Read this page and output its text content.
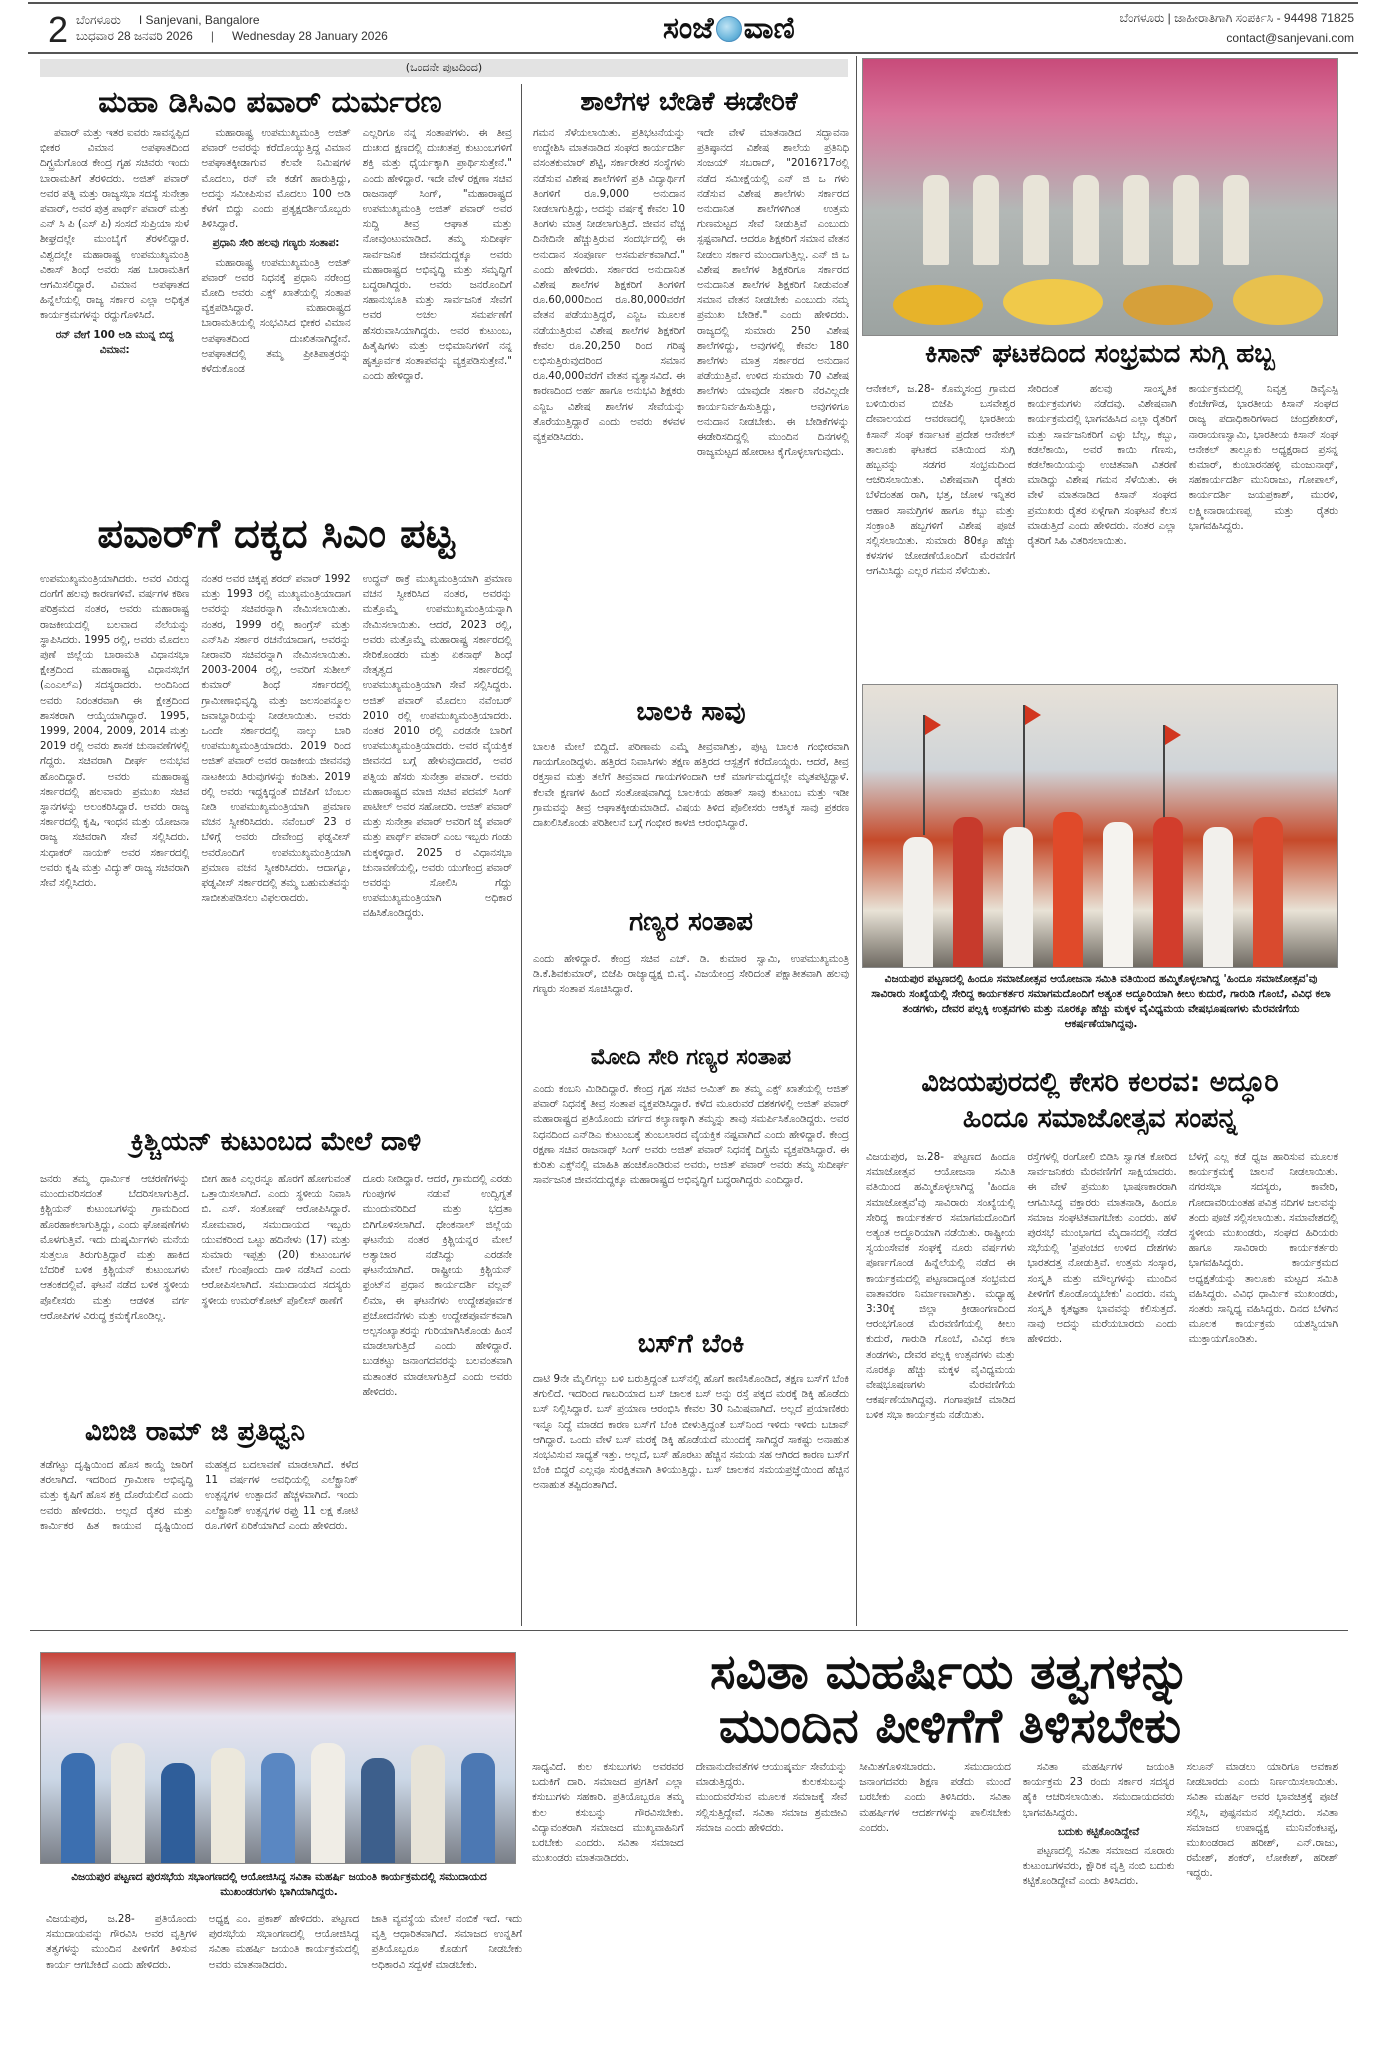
2 ಬೆಂಗಳೂರು I Sanjevani, Bangalore
ಬುಧವಾರ 28 ಜನವರಿ 2026 | Wednesday 28 January 2026	ಸಂಜೆ ವಾಣಿ	ಬೆಂಗಳೂರು | ಜಾಹೀರಾತಿಗಾಗಿ ಸಂಪರ್ಕಿಸಿ - 94498 71825
contact@sanjevani.com
(ಒಂದನೇ ಪುಟದಿಂದ)
ಮಹಾ ಡಿಸಿಎಂ ಪವಾರ್ ದುರ್ಮರಣ

ಪವಾರ್ ಮತ್ತು ಇತರ ಐವರು ಸಾವನ್ನಪ್ಪಿದ ಭೀಕರ ವಿಮಾನ ಅಪಘಾತದಿಂದ ದಿಗ್ಭ್ರಮೆಗೊಂಡ ಕೇಂದ್ರ ಗೃಹ ಸಚಿವರು ಇಂದು ಬಾರಾಮತಿಗೆ ತೆರಳಿದರು. ಅಜಿತ್ ಪವಾರ್ ಅವರ ಪತ್ನಿ ಮತ್ತು ರಾಜ್ಯಸಭಾ ಸದಸ್ಯೆ ಸುನೇತ್ರಾ ಪವಾರ್, ಅವರ ಪುತ್ರ ಪಾರ್ಥ್ ಪವಾರ್ ಮತ್ತು ಎನ್ ಸಿ ಪಿ (ಎಸ್ ಪಿ) ಸಂಸದೆ ಸುಪ್ರಿಯಾ ಸುಳೆ ಶೀಘ್ರದಲ್ಲೇ ಮುಂಬೈಗೆ ತೆರಳಲಿದ್ದಾರೆ. ವಿಶ್ವದಲ್ಲೇ ಮಹಾರಾಷ್ಟ್ರ ಉಪಮುಖ್ಯಮಂತ್ರಿ ವಿಕಾಸ್ ಶಿಂಧೆ ಅವರು ಸಹ ಬಾರಾಮತಿಗೆ ಆಗಮಿಸಲಿದ್ದಾರೆ. ವಿಮಾನ ಅಪಘಾತದ ಹಿನ್ನೆಲೆಯಲ್ಲಿ ರಾಜ್ಯ ಸರ್ಕಾರ ಎಲ್ಲಾ ಅಧಿಕೃತ ಕಾರ್ಯಕ್ರಮಗಳನ್ನು ರದ್ದುಗೊಳಿಸಿದೆ.

ರನ್ ವೇಗೆ 100 ಅಡಿ ಮುನ್ನ ಬಿದ್ದ ವಿಮಾನ:

ಮಹಾರಾಷ್ಟ್ರ ಉಪಮುಖ್ಯಮಂತ್ರಿ ಅಜಿತ್ ಪವಾರ್ ಅವರನ್ನು ಕರೆದೊಯ್ಯುತ್ತಿದ್ದ ವಿಮಾನ ಅಪಘಾತಕ್ಕೀಡಾಗುವ ಕೆಲವೇ ನಿಮಿಷಗಳ ಮೊದಲು, ರನ್ ವೇ ಕಡೆಗೆ ಹಾರುತ್ತಿದ್ದು, ಅದನ್ನು ಸಮೀಪಿಸುವ ಮೊದಲು 100 ಅಡಿ ಕೆಳಗೆ ಬಿದ್ದು ಎಂದು ಪ್ರತ್ಯಕ್ಷದರ್ಶಿಯೊಬ್ಬರು ತಿಳಿಸಿದ್ದಾರೆ.

ಪ್ರಧಾನಿ ಸೇರಿ ಹಲವು ಗಣ್ಯರು ಸಂತಾಪ:

ಮಹಾರಾಷ್ಟ್ರ ಉಪಮುಖ್ಯಮಂತ್ರಿ ಅಜಿತ್ ಪವಾರ್ ಅವರ ನಿಧನಕ್ಕೆ ಪ್ರಧಾನಿ ನರೇಂದ್ರ ಮೋದಿ ಅವರು ಎಕ್ಸ್ ಖಾತೆಯಲ್ಲಿ ಸಂತಾಪ ವ್ಯಕ್ತಪಡಿಸಿದ್ದಾರೆ. ಮಹಾರಾಷ್ಟ್ರದ ಬಾರಾಮತಿಯಲ್ಲಿ ಸಂಭವಿಸಿದ ಭೀಕರ ವಿಮಾನ ಅಪಘಾತದಿಂದ ದುಃಖಿತನಾಗಿದ್ದೇನೆ. ಅಪಘಾತದಲ್ಲಿ ತಮ್ಮ ಪ್ರೀತಿಪಾತ್ರರನ್ನು ಕಳೆದುಕೊಂಡ

ಎಲ್ಲರಿಗೂ ನನ್ನ ಸಂತಾಪಗಳು. ಈ ತೀವ್ರ ದುಃಖದ ಕ್ಷಣದಲ್ಲಿ ದುಃಖತಪ್ತ ಕುಟುಂಬಗಳಿಗೆ ಶಕ್ತಿ ಮತ್ತು ಧೈರ್ಯಕ್ಕಾಗಿ ಪ್ರಾರ್ಥಿಸುತ್ತೇನೆ." ಎಂದು ಹೇಳಿದ್ದಾರೆ. ಇದೇ ವೇಳೆ ರಕ್ಷಣಾ ಸಚಿವ ರಾಜನಾಥ್ ಸಿಂಗ್, "ಮಹಾರಾಷ್ಟ್ರದ ಉಪಮುಖ್ಯಮಂತ್ರಿ ಅಜಿತ್ ಪವಾರ್ ಅವರ ಸುದ್ದಿ ತೀವ್ರ ಆಘಾತ ಮತ್ತು ನೋವುಂಟುಮಾಡಿದೆ. ತಮ್ಮ ಸುದೀರ್ಘ ಸಾರ್ವಜನಿಕ ಜೀವನದುದ್ದಕ್ಕೂ ಅವರು ಮಹಾರಾಷ್ಟ್ರದ ಅಭಿವೃದ್ಧಿ ಮತ್ತು ಸಮೃದ್ಧಿಗೆ ಬದ್ಧರಾಗಿದ್ದರು. ಅವರು ಜನರೊಂದಿಗೆ ಸಹಾನುಭೂತಿ ಮತ್ತು ಸಾರ್ವಜನಿಕ ಸೇವೆಗೆ ಅವರ ಅಚಲ ಸಮರ್ಪಣೆಗೆ ಹೆಸರುವಾಸಿಯಾಗಿದ್ದರು. ಅವರ ಕುಟುಂಬ, ಹಿತೈಷಿಗಳು ಮತ್ತು ಅಭಿಮಾನಿಗಳಿಗೆ ನನ್ನ ಹೃತ್ಪೂರ್ವಕ ಸಂತಾಪವನ್ನು ವ್ಯಕ್ತಪಡಿಸುತ್ತೇನೆ." ಎಂದು ಹೇಳಿದ್ದಾರೆ.
ಶಾಲೆಗಳ ಬೇಡಿಕೆ ಈಡೇರಿಕೆ
ಗಮನ ಸೆಳೆಯಲಾಯಿತು. ಪ್ರತಿಭಟನೆಯನ್ನು ಉದ್ದೇಶಿಸಿ ಮಾತನಾಡಿದ ಸಂಘದ ಕಾರ್ಯದರ್ಶಿ ವಸಂತಕುಮಾರ್ ಶೆಟ್ಟಿ, ಸರ್ಕಾರೇತರ ಸಂಸ್ಥೆಗಳು ನಡೆಸುವ ವಿಶೇಷ ಶಾಲೆಗಳಿಗೆ ಪ್ರತಿ ವಿದ್ಯಾರ್ಥಿಗೆ ತಿಂಗಳಿಗೆ ರೂ.9,000 ಅನುದಾನ ನೀಡಲಾಗುತ್ತಿದ್ದು, ಅದನ್ನು ವರ್ಷಕ್ಕೆ ಕೇವಲ 10 ತಿಂಗಳು ಮಾತ್ರ ನೀಡಲಾಗುತ್ತಿದೆ. ಜೀವನ ವೆಚ್ಚ ದಿನೇದಿನೇ ಹೆಚ್ಚುತ್ತಿರುವ ಸಂದರ್ಭದಲ್ಲಿ ಈ ಅನುದಾನ ಸಂಪೂರ್ಣ ಅಸಮರ್ಪಕವಾಗಿದೆ." ಎಂದು ಹೇಳಿದರು. ಸರ್ಕಾರದ ಅನುದಾನಿತ ವಿಶೇಷ ಶಾಲೆಗಳ ಶಿಕ್ಷಕರಿಗೆ ತಿಂಗಳಿಗೆ ರೂ.60,000ದಿಂದ ರೂ.80,000ವರೆಗೆ ವೇತನ ಪಡೆಯುತ್ತಿದ್ದರೆ, ಎನ್ಜಿಒ ಮೂಲಕ ನಡೆಯುತ್ತಿರುವ ವಿಶೇಷ ಶಾಲೆಗಳ ಶಿಕ್ಷಕರಿಗೆ ಕೇವಲ ರೂ.20,250 ರಿಂದ ಗರಿಷ್ಠ ಲಭಿಸುತ್ತಿರುವುದರಿಂದ ಸಮಾನ ರೂ.40,000ವರೆಗೆ ವೇತನ ವ್ಯತ್ಯಾಸವಿದೆ. ಈ ಕಾರಣದಿಂದ ಅರ್ಹ ಹಾಗೂ ಅನುಭವಿ ಶಿಕ್ಷಕರು ಎನ್ಜಿಒ ವಿಶೇಷ ಶಾಲೆಗಳ ಸೇವೆಯನ್ನು ತೊರೆಯುತ್ತಿದ್ದಾರೆ ಎಂದು ಅವರು ಕಳವಳ ವ್ಯಕ್ತಪಡಿಸಿದರು.
ಇದೇ ವೇಳೆ ಮಾತನಾಡಿದ ಸದ್ಭಾವನಾ ಪ್ರತಿಷ್ಠಾನದ ವಿಶೇಷ ಶಾಲೆಯ ಪ್ರತಿನಿಧಿ ಸಂಜಯ್ ಸಬರಾದ್, "2016?17ರಲ್ಲಿ ನಡೆದ ಸಮೀಕ್ಷೆಯಲ್ಲಿ ಎನ್ ಜಿ ಒ ಗಳು ನಡೆಸುವ ವಿಶೇಷ ಶಾಲೆಗಳು ಸರ್ಕಾರದ ಅನುದಾನಿತ ಶಾಲೆಗಳಿಗಿಂತ ಉತ್ತಮ ಗುಣಮಟ್ಟದ ಸೇವೆ ನೀಡುತ್ತಿವೆ ಎಂಬುದು ಸ್ಪಷ್ಟವಾಗಿದೆ. ಆದರೂ ಶಿಕ್ಷಕರಿಗೆ ಸಮಾನ ವೇತನ ನೀಡಲು ಸರ್ಕಾರ ಮುಂದಾಗುತ್ತಿಲ್ಲ. ಎನ್ ಜಿ ಒ ವಿಶೇಷ ಶಾಲೆಗಳ ಶಿಕ್ಷಕರಿಗೂ ಸರ್ಕಾರದ ಅನುದಾನಿತ ಶಾಲೆಗಳ ಶಿಕ್ಷಕರಿಗೆ ನೀಡುವಂತೆ ಸಮಾನ ವೇತನ ನೀಡಬೇಕು ಎಂಬುದು ನಮ್ಮ ಪ್ರಮುಖ ಬೇಡಿಕೆ." ಎಂದು ಹೇಳಿದರು. ರಾಜ್ಯದಲ್ಲಿ ಸುಮಾರು 250 ವಿಶೇಷ ಶಾಲೆಗಳಿದ್ದು, ಅವುಗಳಲ್ಲಿ ಕೇವಲ 180 ಶಾಲೆಗಳು ಮಾತ್ರ ಸರ್ಕಾರದ ಅನುದಾನ ಪಡೆಯುತ್ತಿವೆ. ಉಳಿದ ಸುಮಾರು 70 ವಿಶೇಷ ಶಾಲೆಗಳು ಯಾವುದೇ ಸರ್ಕಾರಿ ನೆರವಿಲ್ಲದೇ ಕಾರ್ಯನಿರ್ವಹಿಸುತ್ತಿದ್ದು, ಅವುಗಳಿಗೂ ಅನುದಾನ ನೀಡಬೇಕು. ಈ ಬೇಡಿಕೆಗಳನ್ನು ಈಡೇರಿಸದಿದ್ದಲ್ಲಿ ಮುಂದಿನ ದಿನಗಳಲ್ಲಿ ರಾಜ್ಯಮಟ್ಟದ ಹೋರಾಟ ಕೈಗೊಳ್ಳಲಾಗುವುದು.
ಪವಾರ್‌ಗೆ ದಕ್ಕದ ಸಿಎಂ ಪಟ್ಟ
ಉಪಮುಖ್ಯಮಂತ್ರಿಯಾಗಿದರು. ಅವರ ವಿರುದ್ಧ ದಂಗೆಗೆ ಹಲವು ಕಾರಣಗಳಿವೆ. ವರ್ಷಗಳ ಕಠಿಣ ಪರಿಶ್ರಮದ ನಂತರ, ಅವರು ಮಹಾರಾಷ್ಟ್ರ ರಾಜಕೀಯದಲ್ಲಿ ಬಲವಾದ ನೆಲೆಯನ್ನು ಸ್ಥಾಪಿಸಿದರು. 1995 ರಲ್ಲಿ, ಅವರು ಮೊದಲು ಪುಣೆ ಜಿಲ್ಲೆಯ ಬಾರಾಮತಿ ವಿಧಾನಸಭಾ ಕ್ಷೇತ್ರದಿಂದ ಮಹಾರಾಷ್ಟ್ರ ವಿಧಾನಸಭೆಗೆ (ಎಂಎಲ್‌ಎ) ಸದಸ್ಯರಾದರು. ಅಂದಿನಿಂದ ಅವರು ನಿರಂತರವಾಗಿ ಈ ಕ್ಷೇತ್ರದಿಂದ ಶಾಸಕರಾಗಿ ಆಯ್ಕೆಯಾಗಿದ್ದಾರೆ. 1995, 1999, 2004, 2009, 2014 ಮತ್ತು 2019 ರಲ್ಲಿ ಅವರು ಶಾಸಕ ಚುನಾವಣೆಗಳಲ್ಲಿ ಗೆದ್ದರು. ಸಚಿವರಾಗಿ ದೀರ್ಘ ಅನುಭವ ಹೊಂದಿದ್ದಾರೆ. ಅವರು ಮಹಾರಾಷ್ಟ್ರ ಸರ್ಕಾರದಲ್ಲಿ ಹಲವಾರು ಪ್ರಮುಖ ಸಚಿವ ಸ್ಥಾನಗಳನ್ನು ಅಲಂಕರಿಸಿದ್ದಾರೆ. ಅವರು ರಾಜ್ಯ ಸರ್ಕಾರದಲ್ಲಿ ಕೃಷಿ, ಇಂಧನ ಮತ್ತು ಯೋಜನಾ ರಾಜ್ಯ ಸಚಿವರಾಗಿ ಸೇವೆ ಸಲ್ಲಿಸಿದರು. ಸುಧಾಕರ್ ನಾಯಕ್ ಅವರ ಸರ್ಕಾರದಲ್ಲಿ ಅವರು ಕೃಷಿ ಮತ್ತು ವಿದ್ಯುತ್ ರಾಜ್ಯ ಸಚಿವರಾಗಿ ಸೇವೆ ಸಲ್ಲಿಸಿದರು.
ನಂತರ ಅವರ ಚಿಕ್ಕಪ್ಪ ಶರದ್ ಪವಾರ್ 1992 ಮತ್ತು 1993 ರಲ್ಲಿ ಮುಖ್ಯಮಂತ್ರಿಯಾದಾಗ ಅವರನ್ನು ಸಚಿವರನ್ನಾಗಿ ನೇಮಿಸಲಾಯಿತು. ನಂತರ, 1999 ರಲ್ಲಿ ಕಾಂಗ್ರೆಸ್ ಮತ್ತು ಎನ್‌ಸಿಪಿ ಸರ್ಕಾರ ರಚನೆಯಾದಾಗ, ಅವರನ್ನು ನೀರಾವರಿ ಸಚಿವರನ್ನಾಗಿ ನೇಮಿಸಲಾಯಿತು. 2003-2004 ರಲ್ಲಿ, ಅವರಿಗೆ ಸುಶೀಲ್ ಕುಮಾರ್ ಶಿಂಧೆ ಸರ್ಕಾರದಲ್ಲಿ ಗ್ರಾಮೀಣಾಭಿವೃದ್ಧಿ ಮತ್ತು ಜಲಸಂಪನ್ಮೂಲ ಜವಾಬ್ದಾರಿಯನ್ನು ನೀಡಲಾಯಿತು. ಅವರು ಒಂದೇ ಸರ್ಕಾರದಲ್ಲಿ ನಾಲ್ಕು ಬಾರಿ ಉಪಮುಖ್ಯಮಂತ್ರಿಯಾದರು. 2019 ರಿಂದ ಅಜಿತ್ ಪವಾರ್ ಅವರ ರಾಜಕೀಯ ಜೀವನವು ನಾಟಕೀಯ ತಿರುವುಗಳನ್ನು ಕಂಡಿತು. 2019 ರಲ್ಲಿ ಅವರು ಇದ್ದಕ್ಕಿದ್ದಂತೆ ಬಿಜೆಪಿಗೆ ಬೆಂಬಲ ನೀಡಿ ಉಪಮುಖ್ಯಮಂತ್ರಿಯಾಗಿ ಪ್ರಮಾಣ ವಚನ ಸ್ವೀಕರಿಸಿದರು. ನವೆಂಬರ್ 23 ರ ಬೆಳಿಗ್ಗೆ ಅವರು ದೇವೇಂದ್ರ ಫಡ್ನವೀಸ್ ಅವರೊಂದಿಗೆ ಉಪಮುಖ್ಯಮಂತ್ರಿಯಾಗಿ ಪ್ರಮಾಣ ವಚನ ಸ್ವೀಕರಿಸಿದರು. ಆದಾಗ್ಯೂ, ಫಡ್ನವೀಸ್ ಸರ್ಕಾರದಲ್ಲಿ ತಮ್ಮ ಬಹುಮತವನ್ನು ಸಾಬೀತುಪಡಿಸಲು ವಿಫಲರಾದರು.
ಉದ್ಧವ್ ಠಾಕ್ರೆ ಮುಖ್ಯಮಂತ್ರಿಯಾಗಿ ಪ್ರಮಾಣ ವಚನ ಸ್ವೀಕರಿಸಿದ ನಂತರ, ಅವರನ್ನು ಮತ್ತೊಮ್ಮೆ ಉಪಮುಖ್ಯಮಂತ್ರಿಯನ್ನಾಗಿ ನೇಮಿಸಲಾಯಿತು. ಆದರೆ, 2023 ರಲ್ಲಿ, ಅವರು ಮತ್ತೊಮ್ಮೆ ಮಹಾರಾಷ್ಟ್ರ ಸರ್ಕಾರದಲ್ಲಿ ಸೇರಿಕೊಂಡರು ಮತ್ತು ಏಕನಾಥ್ ಶಿಂಧೆ ನೇತೃತ್ವದ ಸರ್ಕಾರದಲ್ಲಿ ಉಪಮುಖ್ಯಮಂತ್ರಿಯಾಗಿ ಸೇವೆ ಸಲ್ಲಿಸಿದ್ದರು. ಅಜಿತ್ ಪವಾರ್ ಮೊದಲು ನವೆಂಬರ್ 2010 ರಲ್ಲಿ ಉಪಮುಖ್ಯಮಂತ್ರಿಯಾದರು. ನಂತರ 2010 ರಲ್ಲಿ ಎರಡನೇ ಬಾರಿಗೆ ಉಪಮುಖ್ಯಮಂತ್ರಿಯಾದರು. ಅವರ ವೈಯಕ್ತಿಕ ಜೀವನದ ಬಗ್ಗೆ ಹೇಳುವುದಾದರೆ, ಅವರ ಪತ್ನಿಯ ಹೆಸರು ಸುನೇತ್ರಾ ಪವಾರ್. ಅವರು ಮಹಾರಾಷ್ಟ್ರದ ಮಾಜಿ ಸಚಿವ ಪದಮ್ ಸಿಂಗ್ ಪಾಟೀಲ್ ಅವರ ಸಹೋದರಿ. ಅಜಿತ್ ಪವಾರ್ ಮತ್ತು ಸುನೇತ್ರಾ ಪವಾರ್ ಅವರಿಗೆ ಜೈ ಪವಾರ್ ಮತ್ತು ಪಾರ್ಥ್ ಪವಾರ್ ಎಂಬ ಇಬ್ಬರು ಗಂಡು ಮಕ್ಕಳಿದ್ದಾರೆ. 2025 ರ ವಿಧಾನಸಭಾ ಚುನಾವಣೆಯಲ್ಲಿ, ಅವರು ಯುಗೇಂದ್ರ ಪವಾರ್ ಅವರನ್ನು ಸೋಲಿಸಿ ಗೆದ್ದು ಉಪಮುಖ್ಯಮಂತ್ರಿಯಾಗಿ ಅಧಿಕಾರ ವಹಿಸಿಕೊಂಡಿದ್ದರು.
ಕ್ರಿಶ್ಚಿಯನ್ ಕುಟುಂಬದ ಮೇಲೆ ದಾಳಿ
ಜನರು ತಮ್ಮ ಧಾರ್ಮಿಕ ಆಚರಣೆಗಳನ್ನು ಮುಂದುವರಿಸದಂತೆ ಬೆದರಿಸಲಾಗುತ್ತಿದೆ. ಕ್ರಿಶ್ಚಿಯನ್ ಕುಟುಂಬಗಳನ್ನು ಗ್ರಾಮದಿಂದ ಹೊರಹಾಕಲಾಗುತ್ತಿದ್ದು, ಎಂದು ಘೋಷಣೆಗಳು ಮೊಳಗುತ್ತಿವೆ. ಇದು ದುಷ್ಕರ್ಮಿಗಳು ಮನೆಯ ಸುತ್ತಲೂ ತಿರುಗುತ್ತಿದ್ದಾರೆ ಮತ್ತು ಹಾಕಿದ ಬೆದರಿಕೆ ಬಳಿಕ ಕ್ರಿಶ್ಚಿಯನ್ ಕುಟುಂಬಗಳು ಆತಂಕದಲ್ಲಿವೆ. ಘಟನೆ ನಡೆದ ಬಳಿಕ ಸ್ಥಳೀಯ ಪೊಲೀಸರು ಮತ್ತು ಆಡಳಿತ ವರ್ಗ ಆರೋಪಿಗಳ ವಿರುದ್ಧ ಕ್ರಮಕೈಗೊಂಡಿಲ್ಲ.
ಬೀಗ ಹಾಕಿ ಎಲ್ಲರನ್ನೂ ಹೊರಗೆ ಹೋಗುವಂತೆ ಒತ್ತಾಯಿಸಲಾಗಿದೆ. ಎಂದು ಸ್ಥಳೀಯ ನಿವಾಸಿ ಬಿ. ಎಸ್. ಸಂತೋಷ್ ಆರೋಪಿಸಿದ್ದಾರೆ. ಸೋಮವಾರ, ಸಮುದಾಯದ ಇಬ್ಬರು ಯುವಕರಿಂದ ಒಟ್ಟು ಹದಿನೇಳು (17) ಮತ್ತು ಸುಮಾರು ಇಪ್ಪತ್ತು (20) ಕುಟುಂಬಗಳ ಮೇಲೆ ಗುಂಪೊಂದು ದಾಳಿ ನಡೆಸಿದೆ ಎಂದು ಆರೋಪಿಸಲಾಗಿದೆ. ಸಮುದಾಯದ ಸದಸ್ಯರು ಸ್ಥಳೀಯ ಉಮರ್‌ಕೋಟ್ ಪೊಲೀಸ್ ಠಾಣೆಗೆ
ದೂರು ನೀಡಿದ್ದಾರೆ. ಆದರೆ, ಗ್ರಾಮದಲ್ಲಿ ಎರಡು ಗುಂಪುಗಳ ನಡುವೆ ಉದ್ವಿಗ್ನತೆ ಮುಂದುವರಿದಿದೆ ಮತ್ತು ಭದ್ರತಾ ಬಿಗಿಗೊಳಿಸಲಾಗಿದೆ. ಧೇಂಕನಾಲ್ ಜಿಲ್ಲೆಯ ಘಟನೆಯ ನಂತರ ಕ್ರಿಶ್ಚಿಯನ್ನರ ಮೇಲೆ ಅತ್ಯಾಚಾರ ನಡೆಸಿದ್ದು ಎರಡನೇ ಘಟನೆಯಾಗಿದೆ. ರಾಷ್ಟ್ರೀಯ ಕ್ರಿಶ್ಚಿಯನ್ ಫ್ರಂಟ್‌ನ ಪ್ರಧಾನ ಕಾರ್ಯದರ್ಶಿ ವಲ್ಲವ್ ಲಿಮಾ, ಈ ಘಟನೆಗಳು ಉದ್ದೇಶಪೂರ್ವಕ ಪ್ರಚೋದನೆಗಳು ಮತ್ತು ಉದ್ದೇಶಪೂರ್ವಕವಾಗಿ ಅಲ್ಪಸಂಖ್ಯಾತರನ್ನು ಗುರಿಯಾಗಿಸಿಕೊಂಡು ಹಿಂಸೆ ಮಾಡಲಾಗುತ್ತಿದೆ ಎಂದು ಹೇಳಿದ್ದಾರೆ. ಬುಡಕಟ್ಟು ಜನಾಂಗದವರನ್ನು ಬಲವಂತವಾಗಿ ಮತಾಂತರ ಮಾಡಲಾಗುತ್ತಿದೆ ಎಂದು ಅವರು ಹೇಳಿದರು.
ವಿಬಿಜಿ ರಾಮ್ ಜಿ ಪ್ರತಿಧ್ವನಿ
ತಡೆಗಟ್ಟು ದೃಷ್ಟಿಯಿಂದ ಹೊಸ ಕಾಯ್ದೆ ಜಾರಿಗೆ ತರಲಾಗಿದೆ. ಇದರಿಂದ ಗ್ರಾಮೀಣ ಅಭಿವೃದ್ಧಿ ಮತ್ತು ಕೃಷಿಗೆ ಹೊಸ ಶಕ್ತಿ ದೊರೆಯಲಿದೆ ಎಂದು ಅವರು ಹೇಳಿದರು. ಅಲ್ಲದೆ ರೈತರ ಮತ್ತು ಕಾರ್ಮಿಕರ ಹಿತ ಕಾಯುವ ದೃಷ್ಟಿಯಿಂದ ಮಹತ್ವದ ಬದಲಾವಣೆ ಮಾಡಲಾಗಿದೆ. ಕಳೆದ 11 ವರ್ಷಗಳ ಅವಧಿಯಲ್ಲಿ ಎಲೆಕ್ಟ್ರಾನಿಕ್ ಉತ್ಪನ್ನಗಳ ಉತ್ಪಾದನೆ ಹೆಚ್ಚಳವಾಗಿದೆ. ಇಂದು ಎಲೆಕ್ಟ್ರಾನಿಕ್ ಉತ್ಪನ್ನಗಳ ರಫ್ತು 11 ಲಕ್ಷ ಕೋಟಿ ರೂ.ಗಳಿಗೆ ಏರಿಕೆಯಾಗಿದೆ ಎಂದು ಹೇಳಿದರು.
ಬಾಲಕಿ ಸಾವು
ಬಾಲಕಿ ಮೇಲೆ ಬಿದ್ದಿದೆ. ಪರಿಣಾಮ ಎಮ್ಮೆ ತೀವ್ರವಾಗಿತ್ತು, ಪುಟ್ಟ ಬಾಲಕಿ ಗಂಭೀರವಾಗಿ ಗಾಯಗೊಂಡಿದ್ದಳು. ಹತ್ತಿರದ ನಿವಾಸಿಗಳು ತಕ್ಷಣ ಹತ್ತಿರದ ಆಸ್ಪತ್ರೆಗೆ ಕರೆದೊಯ್ದರು. ಆದರೆ, ತೀವ್ರ ರಕ್ತಸ್ರಾವ ಮತ್ತು ತಲೆಗೆ ತೀವ್ರವಾದ ಗಾಯಗಳಿಂದಾಗಿ ಆಕೆ ಮಾರ್ಗಮಧ್ಯದಲ್ಲೇ ಮೃತಪಟ್ಟಿದ್ದಾಳೆ. ಕೆಲವೇ ಕ್ಷಣಗಳ ಹಿಂದೆ ಸಂತೋಷವಾಗಿದ್ದ ಬಾಲಕಿಯ ಹಠಾತ್ ಸಾವು ಕುಟುಂಬ ಮತ್ತು ಇಡೀ ಗ್ರಾಮವನ್ನು ತೀವ್ರ ಆಘಾತಕ್ಕೀಡುಮಾಡಿದೆ. ವಿಷಯ ತಿಳಿದ ಪೊಲೀಸರು ಆಕಸ್ಮಿಕ ಸಾವು ಪ್ರಕರಣ ದಾಖಲಿಸಿಕೊಂಡು ಪರಿಶೀಲನೆ ಬಗ್ಗೆ ಗಂಭೀರ ಕಾಳಜಿ ಆರಂಭಿಸಿದ್ದಾರೆ.
ಗಣ್ಯರ ಸಂತಾಪ
ಎಂದು ಹೇಳಿದ್ದಾರೆ. ಕೇಂದ್ರ ಸಚಿವ ಎಚ್. ಡಿ. ಕುಮಾರ ಸ್ವಾಮಿ, ಉಪಮುಖ್ಯಮಂತ್ರಿ ಡಿ.ಕೆ.ಶಿವಕುಮಾರ್, ಬಿಜೆಪಿ ರಾಜ್ಯಾಧ್ಯಕ್ಷ ಬಿ.ವೈ. ವಿಜಯೇಂದ್ರ ಸೇರಿದಂತೆ ಪಕ್ಷಾತೀತವಾಗಿ ಹಲವು ಗಣ್ಯರು ಸಂತಾಪ ಸೂಚಿಸಿದ್ದಾರೆ.
ಮೋದಿ ಸೇರಿ ಗಣ್ಯರ ಸಂತಾಪ
ಎಂದು ಕಂಬನಿ ಮಿಡಿದಿದ್ದಾರೆ. ಕೇಂದ್ರ ಗೃಹ ಸಚಿವ ಅಮಿತ್ ಶಾ ತಮ್ಮ ಎಕ್ಸ್ ಖಾತೆಯಲ್ಲಿ ಅಜಿತ್ ಪವಾರ್ ನಿಧನಕ್ಕೆ ತೀವ್ರ ಸಂತಾಪ ವ್ಯಕ್ತಪಡಿಸಿದ್ದಾರೆ. ಕಳೆದ ಮೂರುವರೆ ದಶಕಗಳಲ್ಲಿ ಅಜಿತ್ ಪವಾರ್ ಮಹಾರಾಷ್ಟ್ರದ ಪ್ರತಿಯೊಂದು ವರ್ಗದ ಕಲ್ಯಾಣಕ್ಕಾಗಿ ತಮ್ಮನ್ನು ತಾವು ಸಮರ್ಪಿಸಿಕೊಂಡಿದ್ದರು. ಅವರ ನಿಧನದಿಂದ ಎನ್‌ಡಿಎ ಕುಟುಂಬಕ್ಕೆ ತುಂಬಲಾರದ ವೈಯಕ್ತಿಕ ನಷ್ಟವಾಗಿದೆ ಎಂದು ಹೇಳಿದ್ದಾರೆ. ಕೇಂದ್ರ ರಕ್ಷಣಾ ಸಚಿವ ರಾಜನಾಥ್ ಸಿಂಗ್ ಅವರು ಅಜಿತ್ ಪವಾರ್ ನಿಧನಕ್ಕೆ ದಿಗ್ಭ್ರಮೆ ವ್ಯಕ್ತಪಡಿಸಿದ್ದಾರೆ. ಈ ಕುರಿತು ಎಕ್ಸ್‌ನಲ್ಲಿ ಮಾಹಿತಿ ಹಂಚಿಕೊಂಡಿರುವ ಅವರು, ಅಜಿತ್ ಪವಾರ್ ಅವರು ತಮ್ಮ ಸುದೀರ್ಘ ಸಾರ್ವಜನಿಕ ಜೀವನದುದ್ದಕ್ಕೂ ಮಹಾರಾಷ್ಟ್ರದ ಅಭಿವೃದ್ಧಿಗೆ ಬದ್ಧರಾಗಿದ್ದರು ಎಂದಿದ್ದಾರೆ.
ಬಸ್‌ಗೆ ಬೆಂಕಿ
ದಾಟಿ 9ನೇ ಮೈಲಿಗಲ್ಲು ಬಳಿ ಬರುತ್ತಿದ್ದಂತೆ ಬಸ್‌ನಲ್ಲಿ ಹೊಗೆ ಕಾಣಿಸಿಕೊಂಡಿದೆ, ತಕ್ಷಣ ಬಸ್‌ಗೆ ಬೆಂಕಿ ತಗುಲಿದೆ. ಇದರಿಂದ ಗಾಬರಿಯಾದ ಬಸ್ ಚಾಲಕ ಬಸ್ ಅನ್ನು ರಸ್ತೆ ಪಕ್ಕದ ಮರಕ್ಕೆ ಡಿಕ್ಕಿ ಹೊಡೆದು ಬಸ್ ನಿಲ್ಲಿಸಿದ್ದಾರೆ. ಬಸ್ ಪ್ರಯಾಣ ಆರಂಭಿಸಿ ಕೇವಲ 30 ನಿಮಿಷವಾಗಿದೆ. ಅಲ್ಲದೆ ಪ್ರಯಾಣಿಕರು ಇನ್ನೂ ನಿದ್ದೆ ಮಾಡದ ಕಾರಣ ಬಸ್‌ಗೆ ಬೆಂಕಿ ಬೀಳುತ್ತಿದ್ದಂತೆ ಬಸ್‌ನಿಂದ ಇಳಿದು ಇಳಿದು ಬಚಾವ್ ಆಗಿದ್ದಾರೆ. ಒಂದು ವೇಳೆ ಬಸ್ ಮರಕ್ಕೆ ಡಿಕ್ಕಿ ಹೊಡೆಯದೆ ಮುಂದಕ್ಕೆ ಸಾಗಿದ್ದರೆ ಸಾಕಷ್ಟು ಅನಾಹುತ ಸಂಭವಿಸುವ ಸಾಧ್ಯತೆ ಇತ್ತು. ಅಲ್ಲದೆ, ಬಸ್ ಹೊರಟು ಹೆಚ್ಚಿನ ಸಮಯ ಸಹ ಆಗಿರದ ಕಾರಣ ಬಸ್‌ಗೆ ಬೆಂಕಿ ಬಿದ್ದರೆ ಎಲ್ಲವೂ ಸುರಕ್ಷಿತವಾಗಿ ತಿಳಿಯುತ್ತಿದ್ದು. ಬಸ್ ಚಾಲಕನ ಸಮಯಪ್ರಜ್ಞೆಯಿಂದ ಹೆಚ್ಚಿನ ಅನಾಹುತ ತಪ್ಪಿದಂತಾಗಿದೆ.
ಕಿಸಾನ್ ಘಟಕದಿಂದ ಸಂಭ್ರಮದ ಸುಗ್ಗಿ ಹಬ್ಬ
ಆನೇಕಲ್, ಜ.28- ಕೊಮ್ಮಸಂದ್ರ ಗ್ರಾಮದ ಬಳಿಯಿರುವ ಬಿಜೆಪಿ ಬಸವೇಶ್ವರ ದೇವಾಲಯದ ಆವರಣದಲ್ಲಿ ಭಾರತೀಯ ಕಿಸಾನ್ ಸಂಘ ಕರ್ನಾಟಕ ಪ್ರದೇಶ ಆನೇಕಲ್ ತಾಲೂಕು ಘಟಕದ ವತಿಯಿಂದ ಸುಗ್ಗಿ ಹಬ್ಬವನ್ನು ಸಡಗರ ಸಂಭ್ರಮದಿಂದ ಆಚರಿಸಲಾಯಿತು. ವಿಶೇಷವಾಗಿ ರೈತರು ಬೆಳೆದಂತಹ ರಾಗಿ, ಭತ್ತ, ಜೋಳ ಇನ್ನಿತರ ಆಹಾರ ಸಾಮಗ್ರಿಗಳ ಹಾಗೂ ಕಬ್ಬು ಮತ್ತು ಸಂಕ್ರಾಂತಿ ಹಬ್ಬಗಳಿಗೆ ವಿಶೇಷ ಪೂಜೆ ಸಲ್ಲಿಸಲಾಯಿತು. ಸುಮಾರು 80ಕ್ಕೂ ಹೆಚ್ಚು ಕಳಸಗಳ ಜೋಡಣೆಯೊಂದಿಗೆ ಮೆರವಣಿಗೆ ಆಗಮಿಸಿದ್ದು ಎಲ್ಲರ ಗಮನ ಸೆಳೆಯಿತು.
ಸೇರಿದಂತೆ ಹಲವು ಸಾಂಸ್ಕೃತಿಕ ಕಾರ್ಯಕ್ರಮಗಳು ನಡೆದವು. ವಿಶೇಷವಾಗಿ ಕಾರ್ಯಕ್ರಮದಲ್ಲಿ ಭಾಗವಹಿಸಿದ ಎಲ್ಲಾ ರೈತರಿಗೆ ಮತ್ತು ಸಾರ್ವಜನಿಕರಿಗೆ ಎಳ್ಳು ಬೆಲ್ಲ, ಕಬ್ಬು, ಕಡಲೆಕಾಯಿ, ಅವರೆ ಕಾಯಿ ಗೆಣಸು, ಕಡಲೆಕಾಯಿಯನ್ನು ಉಚಿತವಾಗಿ ವಿತರಣೆ ಮಾಡಿದ್ದು ವಿಶೇಷ ಗಮನ ಸೆಳೆಯಿತು. ಈ ವೇಳೆ ಮಾತನಾಡಿದ ಕಿಸಾನ್ ಸಂಘದ ಪ್ರಮುಖರು ರೈತರ ಏಳ್ಗೆಗಾಗಿ ಸಂಘಟನೆ ಕೆಲಸ ಮಾಡುತ್ತಿದೆ ಎಂದು ಹೇಳಿದರು. ನಂತರ ಎಲ್ಲಾ ರೈತರಿಗೆ ಸಿಹಿ ವಿತರಿಸಲಾಯಿತು.
ಕಾರ್ಯಕ್ರಮದಲ್ಲಿ ನಿವೃತ್ತ ಡಿವೈಎಸ್ಪಿ ಕೆಂಚೇಗೌಡ, ಭಾರತೀಯ ಕಿಸಾನ್ ಸಂಘದ ರಾಜ್ಯ ಪದಾಧಿಕಾರಿಗಳಾದ ಚಂದ್ರಶೇಖರ್, ನಾರಾಯಣಸ್ವಾಮಿ, ಭಾರತೀಯ ಕಿಸಾನ್ ಸಂಘ ಆನೇಕಲ್ ತಾಲ್ಲೂಕು ಅಧ್ಯಕ್ಷರಾದ ಪ್ರಸನ್ನ ಕುಮಾರ್, ಕುಂಬಾರನಹಳ್ಳಿ ಮಂಜುನಾಥ್, ಸಹಕಾರ್ಯದರ್ಶಿ ಮುನಿರಾಜು, ಗೋಪಾಲ್, ಕಾರ್ಯದರ್ಶಿ ಜಯಪ್ರಕಾಶ್, ಮುರಳಿ, ಲಕ್ಷ್ಮೀನಾರಾಯಣಪ್ಪ ಮತ್ತು ರೈತರು ಭಾಗವಹಿಸಿದ್ದರು.
ವಿಜಯಪುರ ಪಟ್ಟಣದಲ್ಲಿ ಹಿಂದೂ ಸಮಾಜೋತ್ಸವ ಆಯೋಜನಾ ಸಮಿತಿ ವತಿಯಿಂದ ಹಮ್ಮಿಕೊಳ್ಳಲಾಗಿದ್ದ 'ಹಿಂದೂ ಸಮಾಜೋತ್ಸವ'ವು ಸಾವಿರಾರು ಸಂಖ್ಯೆಯಲ್ಲಿ ಸೇರಿದ್ದ ಕಾರ್ಯಕರ್ತರ ಸಮಾಗಮದೊಂದಿಗೆ ಅತ್ಯಂತ ಅದ್ಧೂರಿಯಾಗಿ ಕೀಲು ಕುದುರೆ, ಗಾರುಡಿ ಗೊಂಬೆ, ವಿವಿಧ ಕಲಾ ತಂಡಗಳು, ದೇವರ ಪಲ್ಲಕ್ಕಿ ಉತ್ಸವಗಳು ಮತ್ತು ನೂರಕ್ಕೂ ಹೆಚ್ಚು ಮಕ್ಕಳ ವೈವಿಧ್ಯಮಯ ವೇಷಭೂಷಣಗಳು ಮೆರವಣಿಗೆಯ ಆಕರ್ಷಣೆಯಾಗಿದ್ದವು.
ವಿಜಯಪುರದಲ್ಲಿ ಕೇಸರಿ ಕಲರವ: ಅದ್ಧೂರಿ
ಹಿಂದೂ ಸಮಾಜೋತ್ಸವ ಸಂಪನ್ನ
ವಿಜಯಪುರ, ಜ.28- ಪಟ್ಟಣದ ಹಿಂದೂ ಸಮಾಜೋತ್ಸವ ಆಯೋಜನಾ ಸಮಿತಿ ವತಿಯಿಂದ ಹಮ್ಮಿಕೊಳ್ಳಲಾಗಿದ್ದ 'ಹಿಂದೂ ಸಮಾಜೋತ್ಸವ'ವು ಸಾವಿರಾರು ಸಂಖ್ಯೆಯಲ್ಲಿ ಸೇರಿದ್ದ ಕಾರ್ಯಕರ್ತರ ಸಮಾಗಮದೊಂದಿಗೆ ಅತ್ಯಂತ ಅದ್ಧೂರಿಯಾಗಿ ನಡೆಯಿತು. ರಾಷ್ಟ್ರೀಯ ಸ್ವಯಂಸೇವಕ ಸಂಘಕ್ಕೆ ನೂರು ವರ್ಷಗಳು ಪೂರ್ಣಗೊಂಡ ಹಿನ್ನೆಲೆಯಲ್ಲಿ ನಡೆದ ಈ ಕಾರ್ಯಕ್ರಮದಲ್ಲಿ ಪಟ್ಟಣದಾದ್ಯಂತ ಸಂಭ್ರಮದ ವಾತಾವರಣ ನಿರ್ಮಾಣವಾಗಿತ್ತು. ಮಧ್ಯಾಹ್ನ 3:30ಕ್ಕೆ ಜಿಲ್ಲಾ ಕ್ರೀಡಾಂಗಣದಿಂದ ಆರಂಭಗೊಂಡ ಮೆರವಣಿಗೆಯಲ್ಲಿ ಕೀಲು ಕುದುರೆ, ಗಾರುಡಿ ಗೊಂಬೆ, ವಿವಿಧ ಕಲಾ ತಂಡಗಳು, ದೇವರ ಪಲ್ಲಕ್ಕಿ ಉತ್ಸವಗಳು ಮತ್ತು ನೂರಕ್ಕೂ ಹೆಚ್ಚು ಮಕ್ಕಳ ವೈವಿಧ್ಯಮಯ ವೇಷಭೂಷಣಗಳು ಮೆರವಣಿಗೆಯ ಆಕರ್ಷಣೆಯಾಗಿದ್ದವು. ಗಂಗಾಪೂಜೆ ಮಾಡಿದ ಬಳಿಕ ಸಭಾ ಕಾರ್ಯಕ್ರಮ ನಡೆಯಿತು.
ರಸ್ತೆಗಳಲ್ಲಿ ರಂಗೋಲಿ ಬಿಡಿಸಿ ಸ್ವಾಗತ ಕೋರಿದ ಸಾರ್ವಜನಿಕರು ಮೆರವಣಿಗೆಗೆ ಸಾಕ್ಷಿಯಾದರು. ಈ ವೇಳೆ ಪ್ರಮುಖ ಭಾಷಣಕಾರರಾಗಿ ಆಗಮಿಸಿದ್ದ ವಕ್ತಾರರು ಮಾತನಾಡಿ, ಹಿಂದೂ ಸಮಾಜ ಸಂಘಟಿತವಾಗಬೇಕು ಎಂದರು. ಹಳೆ ಪುರಸಭೆ ಮುಂಭಾಗದ ಮೈದಾನದಲ್ಲಿ ನಡೆದ ಸಭೆಯಲ್ಲಿ 'ಪ್ರಪಂಚದ ಉಳಿದ ದೇಶಗಳು ಭಾರತದತ್ತ ನೋಡುತ್ತಿವೆ. ಉತ್ತಮ ಸಂಸ್ಕಾರ, ಸಂಸ್ಕೃತಿ ಮತ್ತು ಮೌಲ್ಯಗಳನ್ನು ಮುಂದಿನ ಪೀಳಿಗೆಗೆ ಕೊಂಡೊಯ್ಯಬೇಕು' ಎಂದರು. ನಮ್ಮ ಸಂಸ್ಕೃತಿ ಕೃತಜ್ಞತಾ ಭಾವವನ್ನು ಕಲಿಸುತ್ತದೆ. ನಾವು ಅದನ್ನು ಮರೆಯಬಾರದು ಎಂದು ಹೇಳಿದರು.
ಬೆಳಗ್ಗೆ ಎಲ್ಲ ಕಡೆ ಧ್ವಜ ಹಾರಿಸುವ ಮೂಲಕ ಕಾರ್ಯಕ್ರಮಕ್ಕೆ ಚಾಲನೆ ನೀಡಲಾಯಿತು. ನಗರಸಭಾ ಸದಸ್ಯರು, ಕಾವೇರಿ, ಗೋದಾವರಿಯಂತಹ ಪವಿತ್ರ ನದಿಗಳ ಜಲವನ್ನು ತಂದು ಪೂಜೆ ಸಲ್ಲಿಸಲಾಯಿತು. ಸಮಾವೇಶದಲ್ಲಿ ಸ್ಥಳೀಯ ಮುಖಂಡರು, ಸಂಘದ ಹಿರಿಯರು ಹಾಗೂ ಸಾವಿರಾರು ಕಾರ್ಯಕರ್ತರು ಭಾಗವಹಿಸಿದ್ದರು. ಕಾರ್ಯಕ್ರಮದ ಅಧ್ಯಕ್ಷತೆಯನ್ನು ತಾಲೂಕು ಮಟ್ಟದ ಸಮಿತಿ ವಹಿಸಿದ್ದರು. ವಿವಿಧ ಧಾರ್ಮಿಕ ಮುಖಂಡರು, ಸಂತರು ಸಾನ್ನಿಧ್ಯ ವಹಿಸಿದ್ದರು. ದಿನದ ಬೆಳಗಿನ ಮೂಲಕ ಕಾರ್ಯಕ್ರಮ ಯಶಸ್ವಿಯಾಗಿ ಮುಕ್ತಾಯಗೊಂಡಿತು.
ವಿಜಯಪುರ ಪಟ್ಟಣದ ಪುರಸಭೆಯ ಸಭಾಂಗಣದಲ್ಲಿ ಆಯೋಜಿಸಿದ್ದ ಸವಿತಾ ಮಹರ್ಷಿ ಜಯಂತಿ ಕಾರ್ಯಕ್ರಮದಲ್ಲಿ ಸಮುದಾಯದ ಮುಖಂಡರುಗಳು ಭಾಗಿಯಾಗಿದ್ದರು.
ಸವಿತಾ ಮಹರ್ಷಿಯ ತತ್ವಗಳನ್ನು
ಮುಂದಿನ ಪೀಳಿಗೆಗೆ ತಿಳಿಸಬೇಕು
ವಿಜಯಪುರ, ಜ.28- ಪ್ರತಿಯೊಂದು ಸಮುದಾಯವನ್ನು ಗೌರವಿಸಿ ಅವರ ವೃತ್ತಿಗಳ ತತ್ವಗಳನ್ನು ಮುಂದಿನ ಪೀಳಿಗೆಗೆ ತಿಳಿಸುವ ಕಾರ್ಯ ಆಗಬೇಕಿದೆ ಎಂದು ಹೇಳಿದರು.
ಅಧ್ಯಕ್ಷ ಎಂ. ಪ್ರಕಾಶ್ ಹೇಳಿದರು. ಪಟ್ಟಣದ ಪುರಸಭೆಯ ಸಭಾಂಗಣದಲ್ಲಿ ಆಯೋಜಿಸಿದ್ದ ಸವಿತಾ ಮಹರ್ಷಿ ಜಯಂತಿ ಕಾರ್ಯಕ್ರಮದಲ್ಲಿ ಅವರು ಮಾತನಾಡಿದರು.
ಜಾತಿ ವ್ಯವಸ್ಥೆಯ ಮೇಲೆ ನಂಬಿಕೆ ಇದೆ. ಇದು ವೃತ್ತಿ ಆಧಾರಿತವಾಗಿದೆ. ಸಮಾಜದ ಉನ್ನತಿಗೆ ಪ್ರತಿಯೊಬ್ಬರೂ ಕೊಡುಗೆ ನೀಡಬೇಕು ಅಧಿಕಾರವಿ ಸದ್ಬಳಕೆ ಮಾಡಬೇಕು.
ಸಾಧ್ಯವಿದೆ. ಕುಲ ಕಸುಬುಗಳು ಅವರವರ ಬದುಕಿಗೆ ದಾರಿ. ಸಮಾಜದ ಪ್ರಗತಿಗೆ ಎಲ್ಲಾ ಕಸುಬುಗಳು ಸಹಕಾರಿ. ಪ್ರತಿಯೊಬ್ಬರೂ ತಮ್ಮ ಕುಲ ಕಸುಬನ್ನು ಗೌರವಿಸಬೇಕು. ವಿದ್ಯಾವಂತರಾಗಿ ಸಮಾಜದ ಮುಖ್ಯವಾಹಿನಿಗೆ ಬರಬೇಕು ಎಂದರು. ಸವಿತಾ ಸಮಾಜದ ಮುಖಂಡರು ಮಾತನಾಡಿದರು.
ದೇವಾನುದೇವತೆಗಳ ಆಯುಷ್ಕರ್ಮ ಸೇವೆಯನ್ನು ಮಾಡುತ್ತಿದ್ದರು. ಕುಲಕಸುಬನ್ನು ಮುಂದುವರೆಸುವ ಮೂಲಕ ಸಮಾಜಕ್ಕೆ ಸೇವೆ ಸಲ್ಲಿಸುತ್ತಿದ್ದೇವೆ. ಸವಿತಾ ಸಮಾಜ ಶ್ರಮಜೀವಿ ಸಮಾಜ ಎಂದು ಹೇಳಿದರು.
ಸೀಮಿತಗೊಳಿಸಬಾರದು. ಸಮುದಾಯದ ಜನಾಂಗದವರು ಶಿಕ್ಷಣ ಪಡೆದು ಮುಂದೆ ಬರಬೇಕು ಎಂದು ತಿಳಿಸಿದರು. ಸವಿತಾ ಮಹರ್ಷಿಗಳ ಆದರ್ಶಗಳನ್ನು ಪಾಲಿಸಬೇಕು ಎಂದರು.

ಸವಿತಾ ಮಹರ್ಷಿಗಳ ಜಯಂತಿ ಕಾರ್ಯಕ್ರಮ 23 ರಂದು ಸರ್ಕಾರ ಸದಸ್ಯರ ಹೈಕಿ ಆಚರಿಸಲಾಯಿತು. ಸಮುದಾಯದವರು ಭಾಗವಹಿಸಿದ್ದರು.

ಬದುಕು ಕಟ್ಟಿಕೊಂಡಿದ್ದೇವೆ

ಪಟ್ಟಣದಲ್ಲಿ ಸವಿತಾ ಸಮಾಜದ ನೂರಾರು ಕುಟುಂಬಗಳವರು, ಕ್ಷೌರಿಕ ವೃತ್ತಿ ನಂಬಿ ಬದುಕು ಕಟ್ಟಿಕೊಂಡಿದ್ದೇವೆ ಎಂದು ತಿಳಿಸಿದರು.

ಸಲೂನ್ ಮಾಡಲು ಯಾರಿಗೂ ಅವಕಾಶ ನೀಡಬಾರದು ಎಂದು ನಿರ್ಣಯಿಸಲಾಯಿತು. ಸವಿತಾ ಮಹರ್ಷಿ ಅವರ ಭಾವಚಿತ್ರಕ್ಕೆ ಪೂಜೆ ಸಲ್ಲಿಸಿ, ಪುಷ್ಪನಮನ ಸಲ್ಲಿಸಿದರು. ಸವಿತಾ ಸಮಾಜದ ಉಪಾಧ್ಯಕ್ಷ ಮುನಿವೆಂಕಟಪ್ಪ, ಮುಖಂಡರಾದ ಹರೀಶ್, ಎನ್.ರಾಜು, ರಮೇಶ್, ಶಂಕರ್, ಲೋಕೇಶ್, ಹರೀಶ್ ಇದ್ದರು.
